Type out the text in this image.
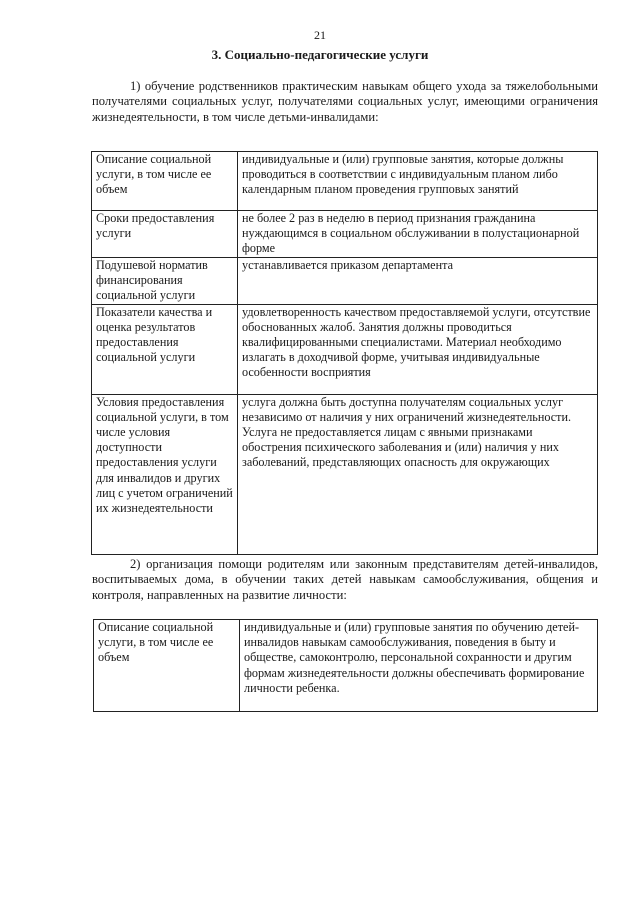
21
3. Социально-педагогические услуги
1) обучение родственников практическим навыкам общего ухода за тяжелобольными получателями социальных услуг, получателями социальных услуг, имеющими ограничения жизнедеятельности, в том числе детьми-инвалидами:
Описание социальной услуги, в том числе ее объем	индивидуальные и (или) групповые занятия, которые должны проводиться в соответствии с индивидуальным планом либо календарным планом проведения групповых занятий
Сроки предоставления услуги	не более 2 раз в неделю в период признания гражданина нуждающимся в социальном обслуживании в полустационарной форме
Подушевой норматив финансирования социальной услуги	устанавливается приказом департамента
Показатели качества и оценка результатов предоставления социальной услуги	удовлетворенность качеством предоставляемой услуги, отсутствие обоснованных жалоб. Занятия должны проводиться квалифицированными специалистами. Материал необходимо излагать в доходчивой форме, учитывая индивидуальные особенности восприятия
Условия предоставления социальной услуги, в том числе условия доступности предоставления услуги для инвалидов и других лиц с учетом ограничений их жизнедеятельности	услуга должна быть доступна получателям социальных услуг независимо от наличия у них ограничений жизнедеятельности. Услуга не предоставляется лицам с явными признаками обострения психического заболевания и (или) наличия у них заболеваний, представляющих опасность для окружающих
2) организация помощи родителям или законным представителям детей-инвалидов, воспитываемых дома, в обучении таких детей навыкам самообслуживания, общения и контроля, направленных на развитие личности:
Описание социальной услуги, в том числе ее объем	индивидуальные и (или) групповые занятия по обучению детей-инвалидов навыкам самообслуживания, поведения в быту и обществе, самоконтролю, персональной сохранности и другим формам жизнедеятельности должны обеспечивать формирование личности ребенка.
